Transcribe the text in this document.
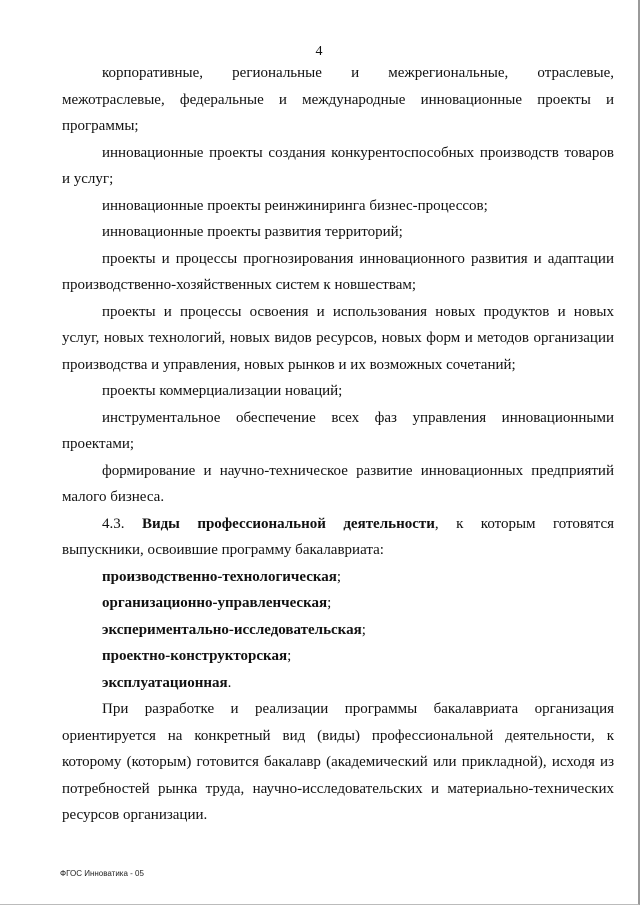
4

корпоративные, региональные и межрегиональные, отраслевые, межотраслевые, федеральные и международные инновационные проекты и программы;

инновационные проекты создания конкурентоспособных производств товаров и услуг;

инновационные проекты реинжиниринга бизнес-процессов;

инновационные проекты развития территорий;

проекты и процессы прогнозирования инновационного развития и адаптации производственно-хозяйственных систем к новшествам;

проекты и процессы освоения и использования новых продуктов и новых услуг, новых технологий, новых видов ресурсов, новых форм и методов организации производства и управления, новых рынков и их возможных сочетаний;

проекты коммерциализации новаций;

инструментальное обеспечение всех фаз управления инновационными проектами;

формирование и научно-техническое развитие инновационных предприятий малого бизнеса.

4.3. Виды профессиональной деятельности, к которым готовятся выпускники, освоившие программу бакалавриата:

производственно-технологическая;

организационно-управленческая;

экспериментально-исследовательская;

проектно-конструкторская;

эксплуатационная.

При разработке и реализации программы бакалавриата организация ориентируется на конкретный вид (виды) профессиональной деятельности, к которому (которым) готовится бакалавр (академический или прикладной), исходя из потребностей рынка труда, научно-исследовательских и материально-технических ресурсов организации.

ФГОС Инноватика - 05
